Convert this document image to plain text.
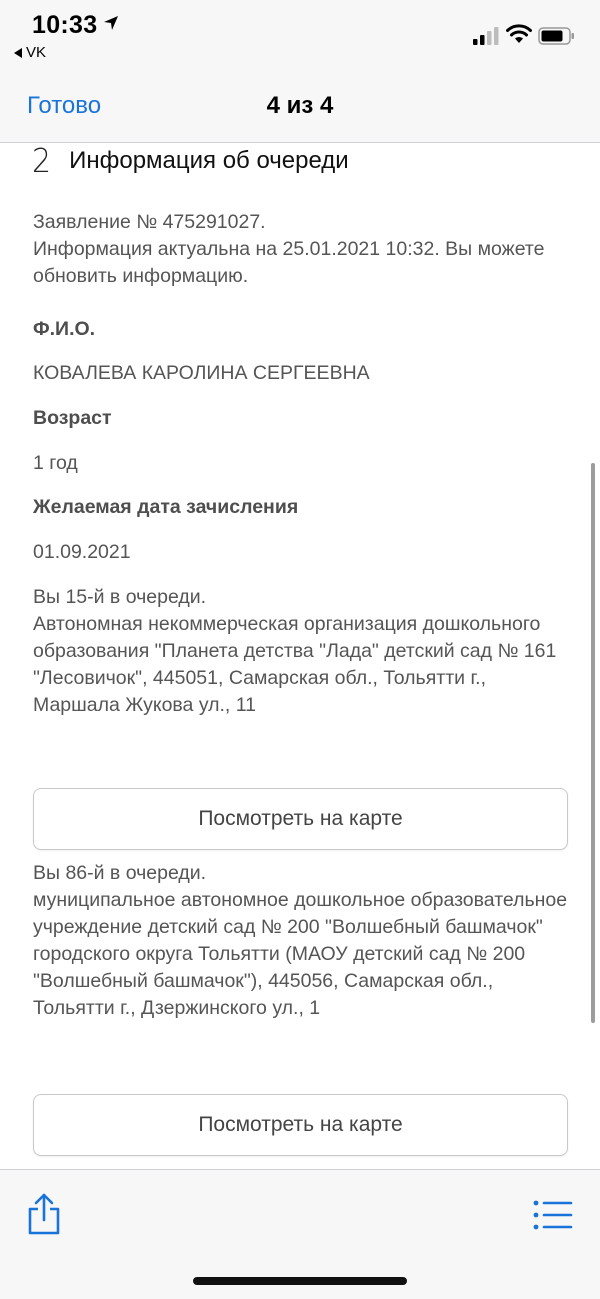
10:33
VK
Готово	4 из 4
2 Информация об очереди
Заявление № 475291027.
Информация актуальна на 25.01.2021 10:32. Вы можете обновить информацию.
Ф.И.О.
КОВАЛЕВА КАРОЛИНА СЕРГЕЕВНА
Возраст
1 год
Желаемая дата зачисления
01.09.2021
Вы 15-й в очереди.
Автономная некоммерческая организация дошкольного образования "Планета детства "Лада" детский сад № 161 "Лесовичок", 445051, Самарская обл., Тольятти г., Маршала Жукова ул., 11
Посмотреть на карте
Вы 86-й в очереди.
муниципальное автономное дошкольное образовательное учреждение детский сад № 200 "Волшебный башмачок" городского округа Тольятти (МАОУ детский сад № 200 "Волшебный башмачок"), 445056, Самарская обл., Тольятти г., Дзержинского ул., 1
Посмотреть на карте
